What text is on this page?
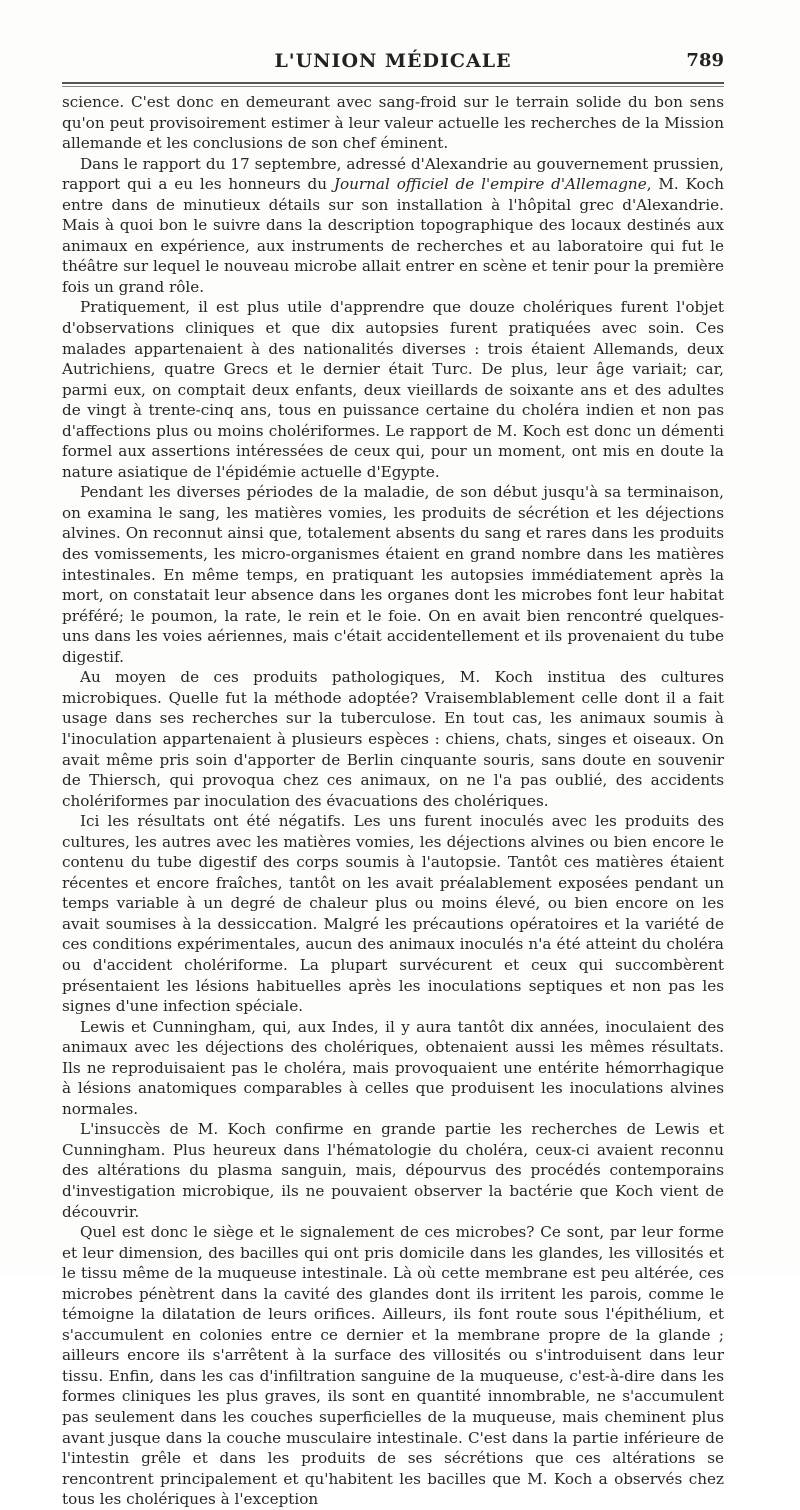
L'UNION MÉDICALE	789

science. C'est donc en demeurant avec sang-froid sur le terrain solide du bon sens qu'on peut provisoirement estimer à leur valeur actuelle les recherches de la Mission allemande et les conclusions de son chef éminent.

Dans le rapport du 17 septembre, adressé d'Alexandrie au gouvernement prussien, rapport qui a eu les honneurs du Journal officiel de l'empire d'Allemagne, M. Koch entre dans de minutieux détails sur son installation à l'hôpital grec d'Alexandrie. Mais à quoi bon le suivre dans la description topographique des locaux destinés aux animaux en expérience, aux instruments de recherches et au laboratoire qui fut le théâtre sur lequel le nouveau microbe allait entrer en scène et tenir pour la première fois un grand rôle.

Pratiquement, il est plus utile d'apprendre que douze cholériques furent l'objet d'observations cliniques et que dix autopsies furent pratiquées avec soin. Ces malades appartenaient à des nationalités diverses : trois étaient Allemands, deux Autrichiens, quatre Grecs et le dernier était Turc. De plus, leur âge variait; car, parmi eux, on comptait deux enfants, deux vieillards de soixante ans et des adultes de vingt à trente-cinq ans, tous en puissance certaine du choléra indien et non pas d'affections plus ou moins cholériformes. Le rapport de M. Koch est donc un démenti formel aux assertions intéressées de ceux qui, pour un moment, ont mis en doute la nature asiatique de l'épidémie actuelle d'Egypte.

Pendant les diverses périodes de la maladie, de son début jusqu'à sa terminaison, on examina le sang, les matières vomies, les produits de sécrétion et les déjections alvines. On reconnut ainsi que, totalement absents du sang et rares dans les produits des vomissements, les micro-organismes étaient en grand nombre dans les matières intestinales. En même temps, en pratiquant les autopsies immédiatement après la mort, on constatait leur absence dans les organes dont les microbes font leur habitat préféré; le poumon, la rate, le rein et le foie. On en avait bien rencontré quelques-uns dans les voies aériennes, mais c'était accidentellement et ils provenaient du tube digestif.

Au moyen de ces produits pathologiques, M. Koch institua des cultures microbiques. Quelle fut la méthode adoptée? Vraisemblablement celle dont il a fait usage dans ses recherches sur la tuberculose. En tout cas, les animaux soumis à l'inoculation appartenaient à plusieurs espèces : chiens, chats, singes et oiseaux. On avait même pris soin d'apporter de Berlin cinquante souris, sans doute en souvenir de Thiersch, qui provoqua chez ces animaux, on ne l'a pas oublié, des accidents cholériformes par inoculation des évacuations des cholériques.

Ici les résultats ont été négatifs. Les uns furent inoculés avec les produits des cultures, les autres avec les matières vomies, les déjections alvines ou bien encore le contenu du tube digestif des corps soumis à l'autopsie. Tantôt ces matières étaient récentes et encore fraîches, tantôt on les avait préalablement exposées pendant un temps variable à un degré de chaleur plus ou moins élevé, ou bien encore on les avait soumises à la dessiccation. Malgré les précautions opératoires et la variété de ces conditions expérimentales, aucun des animaux inoculés n'a été atteint du choléra ou d'accident cholériforme. La plupart survécurent et ceux qui succombèrent présentaient les lésions habituelles après les inoculations septiques et non pas les signes d'une infection spéciale.

Lewis et Cunningham, qui, aux Indes, il y aura tantôt dix années, inoculaient des animaux avec les déjections des cholériques, obtenaient aussi les mêmes résultats. Ils ne reproduisaient pas le choléra, mais provoquaient une entérite hémorrhagique à lésions anatomiques comparables à celles que produisent les inoculations alvines normales.

L'insuccès de M. Koch confirme en grande partie les recherches de Lewis et Cunningham. Plus heureux dans l'hématologie du choléra, ceux-ci avaient reconnu des altérations du plasma sanguin, mais, dépourvus des procédés contemporains d'investigation microbique, ils ne pouvaient observer la bactérie que Koch vient de découvrir.

Quel est donc le siège et le signalement de ces microbes? Ce sont, par leur forme et leur dimension, des bacilles qui ont pris domicile dans les glandes, les villosités et le tissu même de la muqueuse intestinale. Là où cette membrane est peu altérée, ces microbes pénètrent dans la cavité des glandes dont ils irritent les parois, comme le témoigne la dilatation de leurs orifices. Ailleurs, ils font route sous l'épithélium, et s'accumulent en colonies entre ce dernier et la membrane propre de la glande ; ailleurs encore ils s'arrêtent à la surface des villosités ou s'introduisent dans leur tissu. Enfin, dans les cas d'infiltration sanguine de la muqueuse, c'est-à-dire dans les formes cliniques les plus graves, ils sont en quantité innombrable, ne s'accumulent pas seulement dans les couches superficielles de la muqueuse, mais cheminent plus avant jusque dans la couche musculaire intestinale. C'est dans la partie inférieure de l'intestin grêle et dans les produits de ses sécrétions que ces altérations se rencontrent principalement et qu'habitent les bacilles que M. Koch a observés chez tous les cholériques à l'exception
